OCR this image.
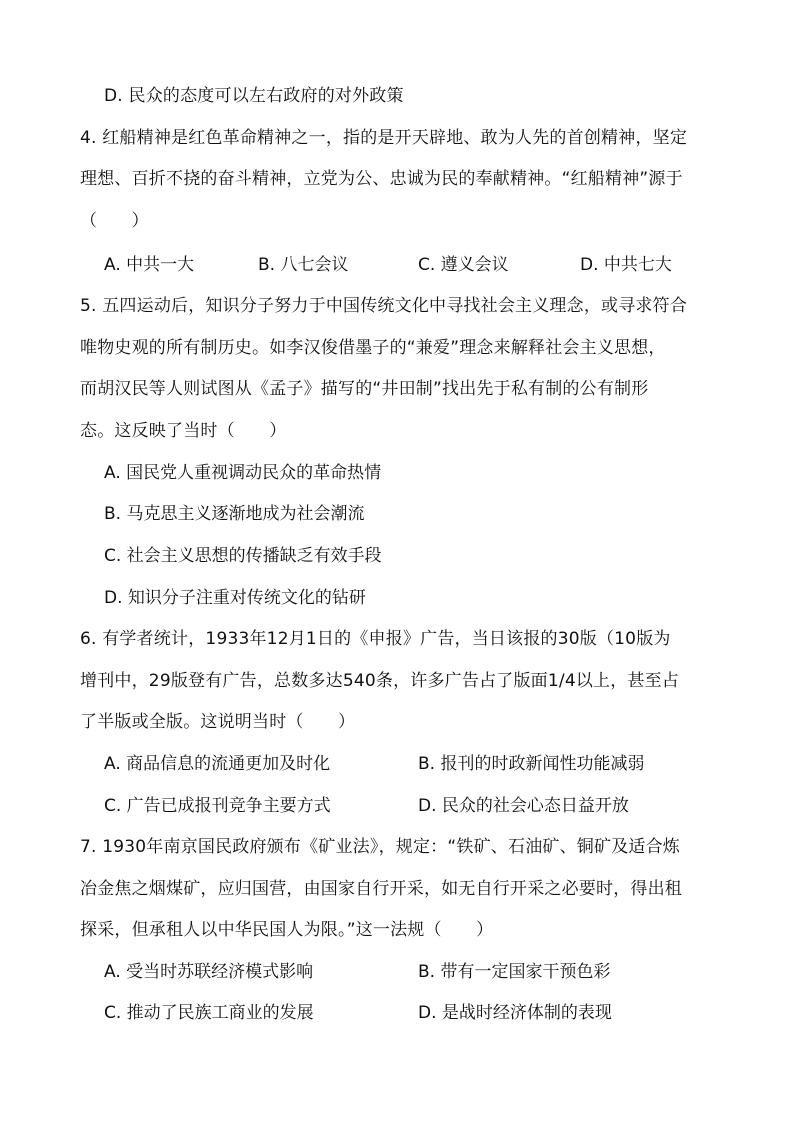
D. 民众的态度可以左右政府的对外政策
4. 红船精神是红色革命精神之一，指的是开天辟地、敢为人先的首创精神，坚定
理想、百折不挠的奋斗精神，立党为公、忠诚为民的奉献精神。“红船精神”源于
（　　）
A. 中共一大	B. 八七会议	C. 遵义会议	D. 中共七大
5. 五四运动后，知识分子努力于中国传统文化中寻找社会主义理念，或寻求符合
唯物史观的所有制历史。如李汉俊借墨子的“兼爱”理念来解释社会主义思想，
而胡汉民等人则试图从《孟子》描写的“井田制”找出先于私有制的公有制形
态。这反映了当时（　　）
A. 国民党人重视调动民众的革命热情
B. 马克思主义逐渐地成为社会潮流
C. 社会主义思想的传播缺乏有效手段
D. 知识分子注重对传统文化的钻研
6. 有学者统计，1933年12月1日的《申报》广告，当日该报的30版（10版为
增刊中，29版登有广告，总数多达540条，许多广告占了版面1/4以上，甚至占
了半版或全版。这说明当时（　　）
A. 商品信息的流通更加及时化	B. 报刊的时政新闻性功能减弱
C. 广告已成报刊竞争主要方式	D. 民众的社会心态日益开放
7. 1930年南京国民政府颁布《矿业法》，规定：“铁矿、石油矿、铜矿及适合炼
冶金焦之烟煤矿，应归国营，由国家自行开采，如无自行开采之必要时，得出租
探采，但承租人以中华民国人为限。”这一法规（　　）
A. 受当时苏联经济模式影响	B. 带有一定国家干预色彩
C. 推动了民族工商业的发展	D. 是战时经济体制的表现
